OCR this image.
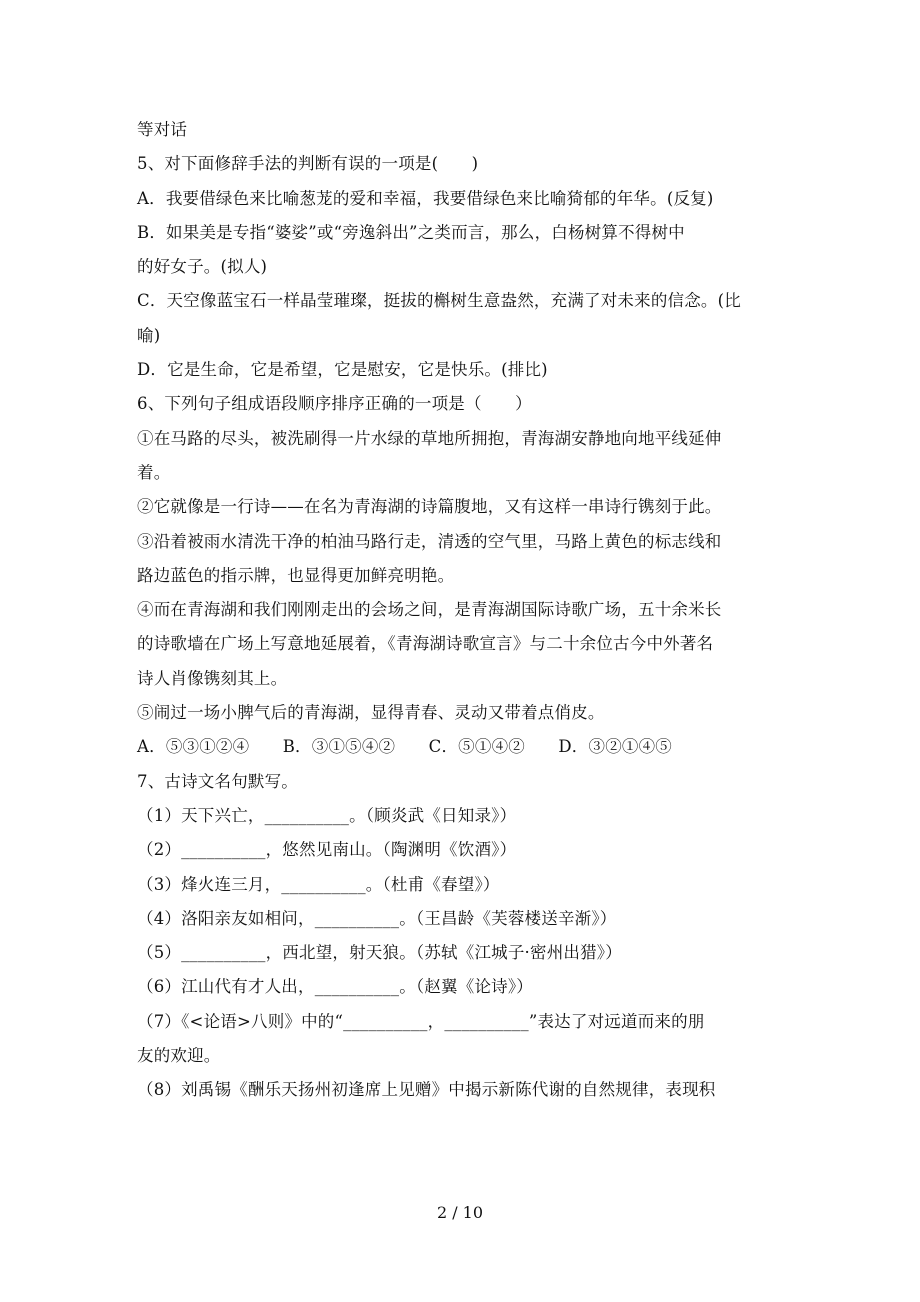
等对话
5、对下面修辞手法的判断有误的一项是(　　)
A．我要借绿色来比喻葱茏的爱和幸福，我要借绿色来比喻猗郁的年华。(反复)
B．如果美是专指“婆娑”或“旁逸斜出”之类而言，那么，白杨树算不得树中
的好女子。(拟人)
C．天空像蓝宝石一样晶莹璀璨，挺拔的槲树生意盎然，充满了对未来的信念。(比
喻)
D．它是生命，它是希望，它是慰安，它是快乐。(排比)
6、下列句子组成语段顺序排序正确的一项是（　　）
①在马路的尽头，被洗刷得一片水绿的草地所拥抱，青海湖安静地向地平线延伸
着。
②它就像是一行诗——在名为青海湖的诗篇腹地，又有这样一串诗行镌刻于此。
③沿着被雨水清洗干净的柏油马路行走，清透的空气里，马路上黄色的标志线和
路边蓝色的指示牌，也显得更加鲜亮明艳。
④而在青海湖和我们刚刚走出的会场之间，是青海湖国际诗歌广场，五十余米长
的诗歌墙在广场上写意地延展着，《青海湖诗歌宣言》与二十余位古今中外著名
诗人肖像镌刻其上。
⑤闹过一场小脾气后的青海湖，显得青春、灵动又带着点俏皮。
A．⑤③①②④　　B．③①⑤④②　　C．⑤①④②　　D．③②①④⑤
7、古诗文名句默写。
（1）天下兴亡，__________。（顾炎武《日知录》）
（2）__________，悠然见南山。（陶渊明《饮酒》）
（3）烽火连三月，__________。（杜甫《春望》）
（4）洛阳亲友如相问，__________。（王昌龄《芙蓉楼送辛渐》）
（5）__________，西北望，射天狼。（苏轼《江城子·密州出猎》）
（6）江山代有才人出，__________。（赵翼《论诗》）
（7）《<论语>八则》中的“__________，__________”表达了对远道而来的朋
友的欢迎。
（8）刘禹锡《酬乐天扬州初逢席上见赠》中揭示新陈代谢的自然规律，表现积
2 / 10
